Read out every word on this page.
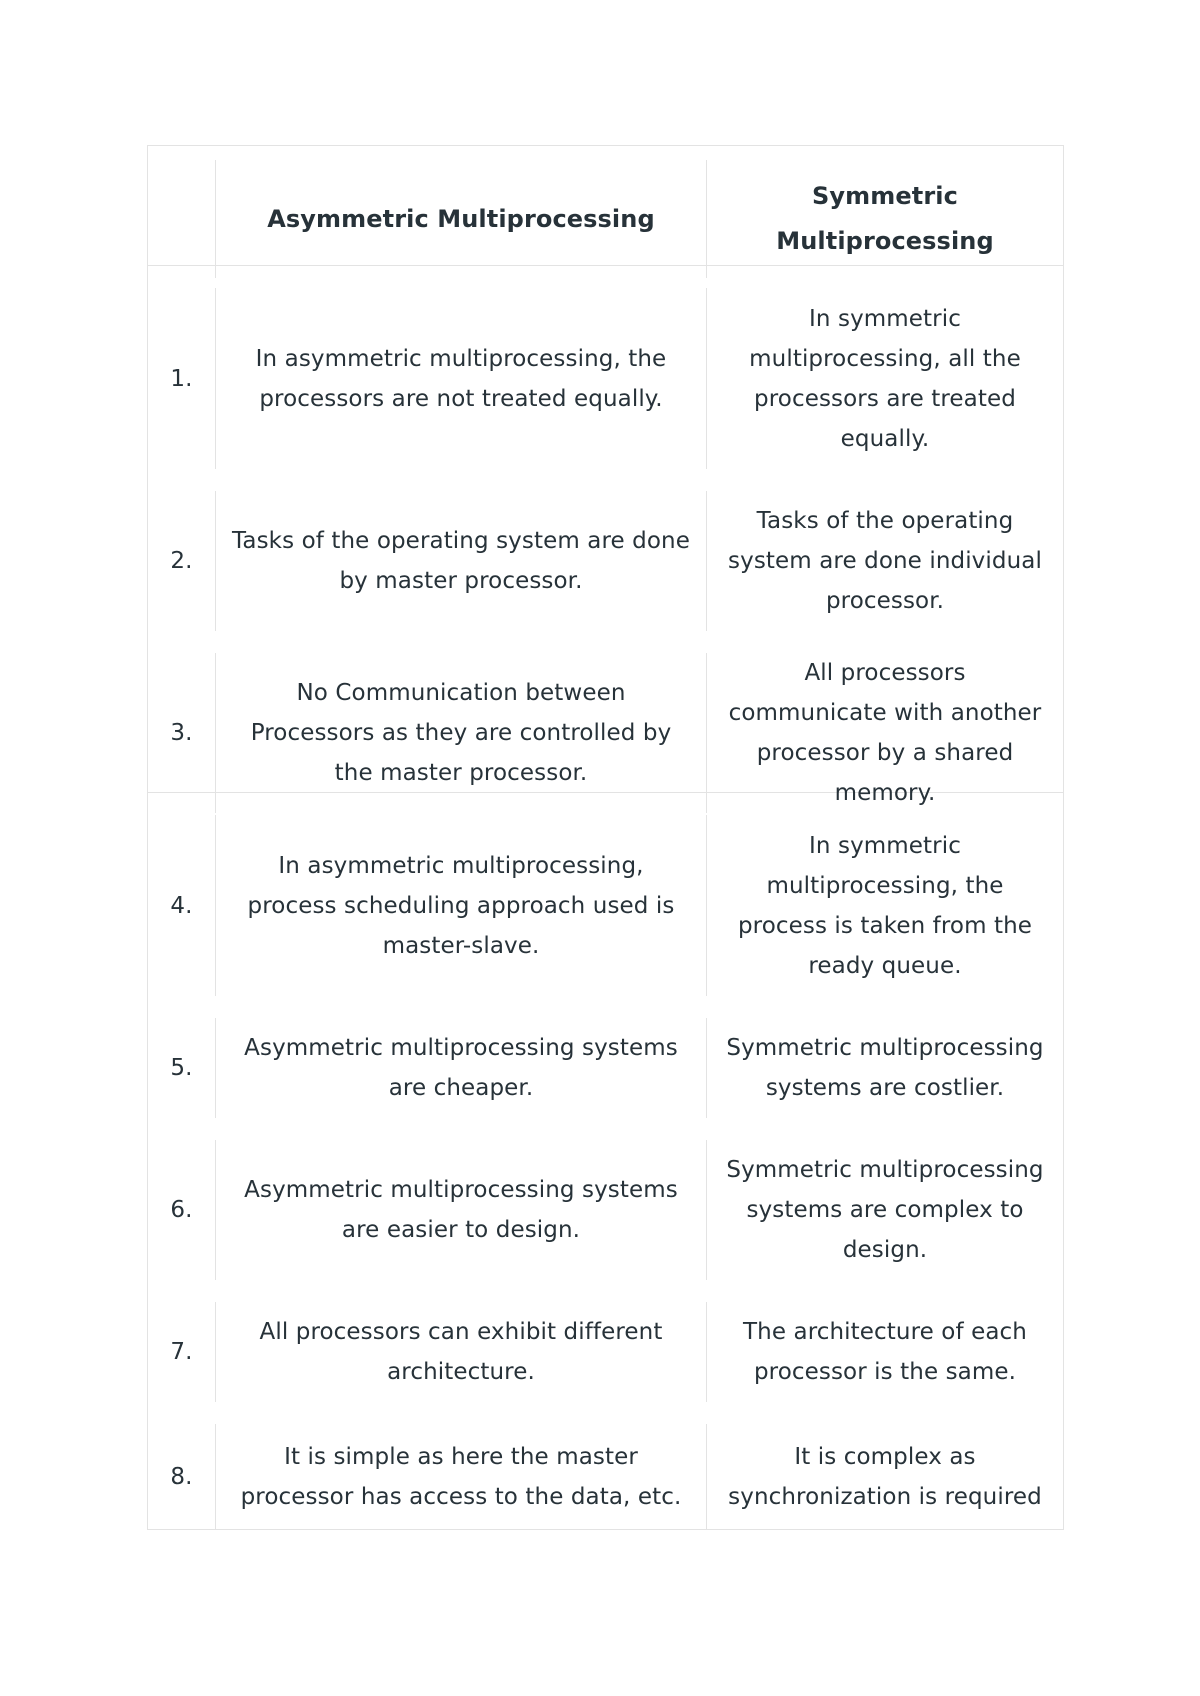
Asymmetric Multiprocessing
Symmetric Multiprocessing
1.
In asymmetric multiprocessing, the processors are not treated equally.
In symmetric multiprocessing, all the processors are treated equally.
2.
Tasks of the operating system are done by master processor.
Tasks of the operating system are done individual processor.
3.
No Communication between Processors as they are controlled by the master processor.
All processors communicate with another processor by a shared memory.
4.
In asymmetric multiprocessing, process scheduling approach used is master-slave.
In symmetric multiprocessing, the process is taken from the ready queue.
5.
Asymmetric multiprocessing systems are cheaper.
Symmetric multiprocessing systems are costlier.
6.
Asymmetric multiprocessing systems are easier to design.
Symmetric multiprocessing systems are complex to design.
7.
All processors can exhibit different architecture.
The architecture of each processor is the same.
8.
It is simple as here the master processor has access to the data, etc.
It is complex as synchronization is required
